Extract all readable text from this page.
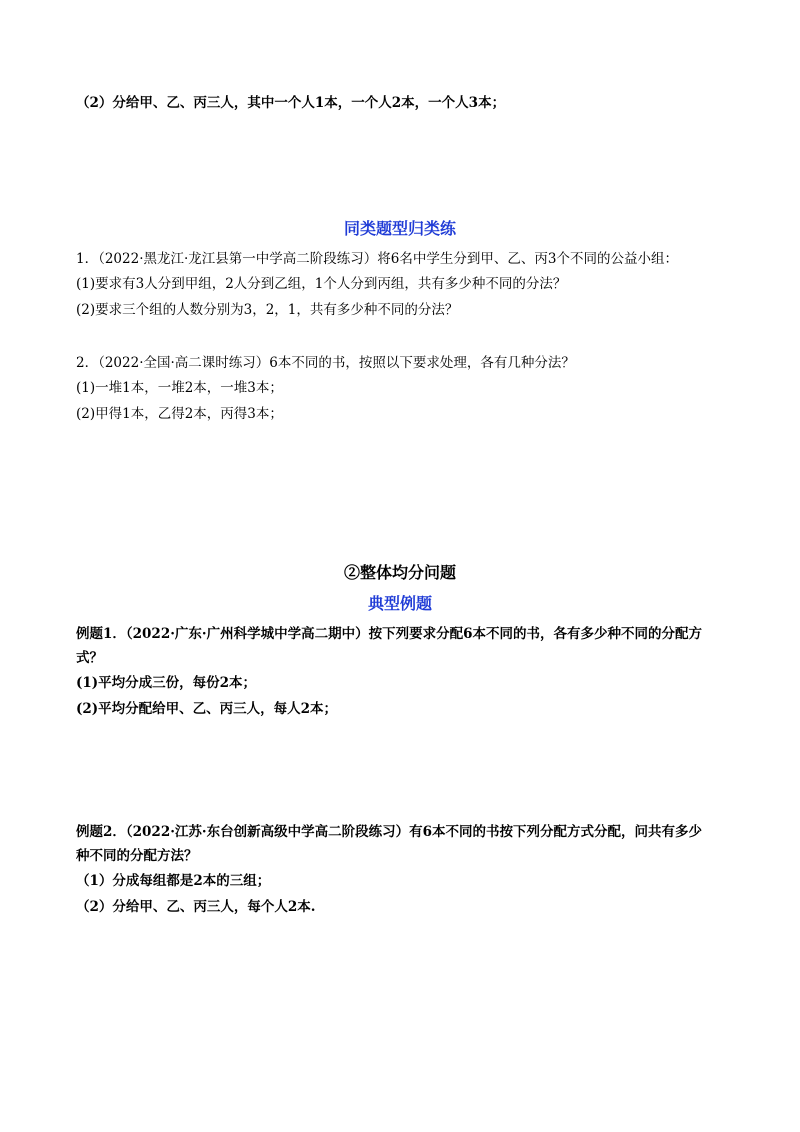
（2）分给甲、乙、丙三人，其中一个人1本，一个人2本，一个人3本；
同类题型归类练
1．（2022·黑龙江·龙江县第一中学高二阶段练习）将6名中学生分到甲、乙、丙3个不同的公益小组：
(1)要求有3人分到甲组，2人分到乙组，1个人分到丙组，共有多少种不同的分法？
(2)要求三个组的人数分别为3，2，1，共有多少种不同的分法？
2．（2022·全国·高二课时练习）6本不同的书，按照以下要求处理，各有几种分法？
(1)一堆1本，一堆2本，一堆3本；
(2)甲得1本，乙得2本，丙得3本；
②整体均分问题
典型例题
例题1．（2022·广东·广州科学城中学高二期中）按下列要求分配6本不同的书，各有多少种不同的分配方
式？
(1)平均分成三份，每份2本；
(2)平均分配给甲、乙、丙三人，每人2本；
例题2．（2022·江苏·东台创新高级中学高二阶段练习）有6本不同的书按下列分配方式分配，问共有多少
种不同的分配方法？
（1）分成每组都是2本的三组；
（2）分给甲、乙、丙三人，每个人2本.
